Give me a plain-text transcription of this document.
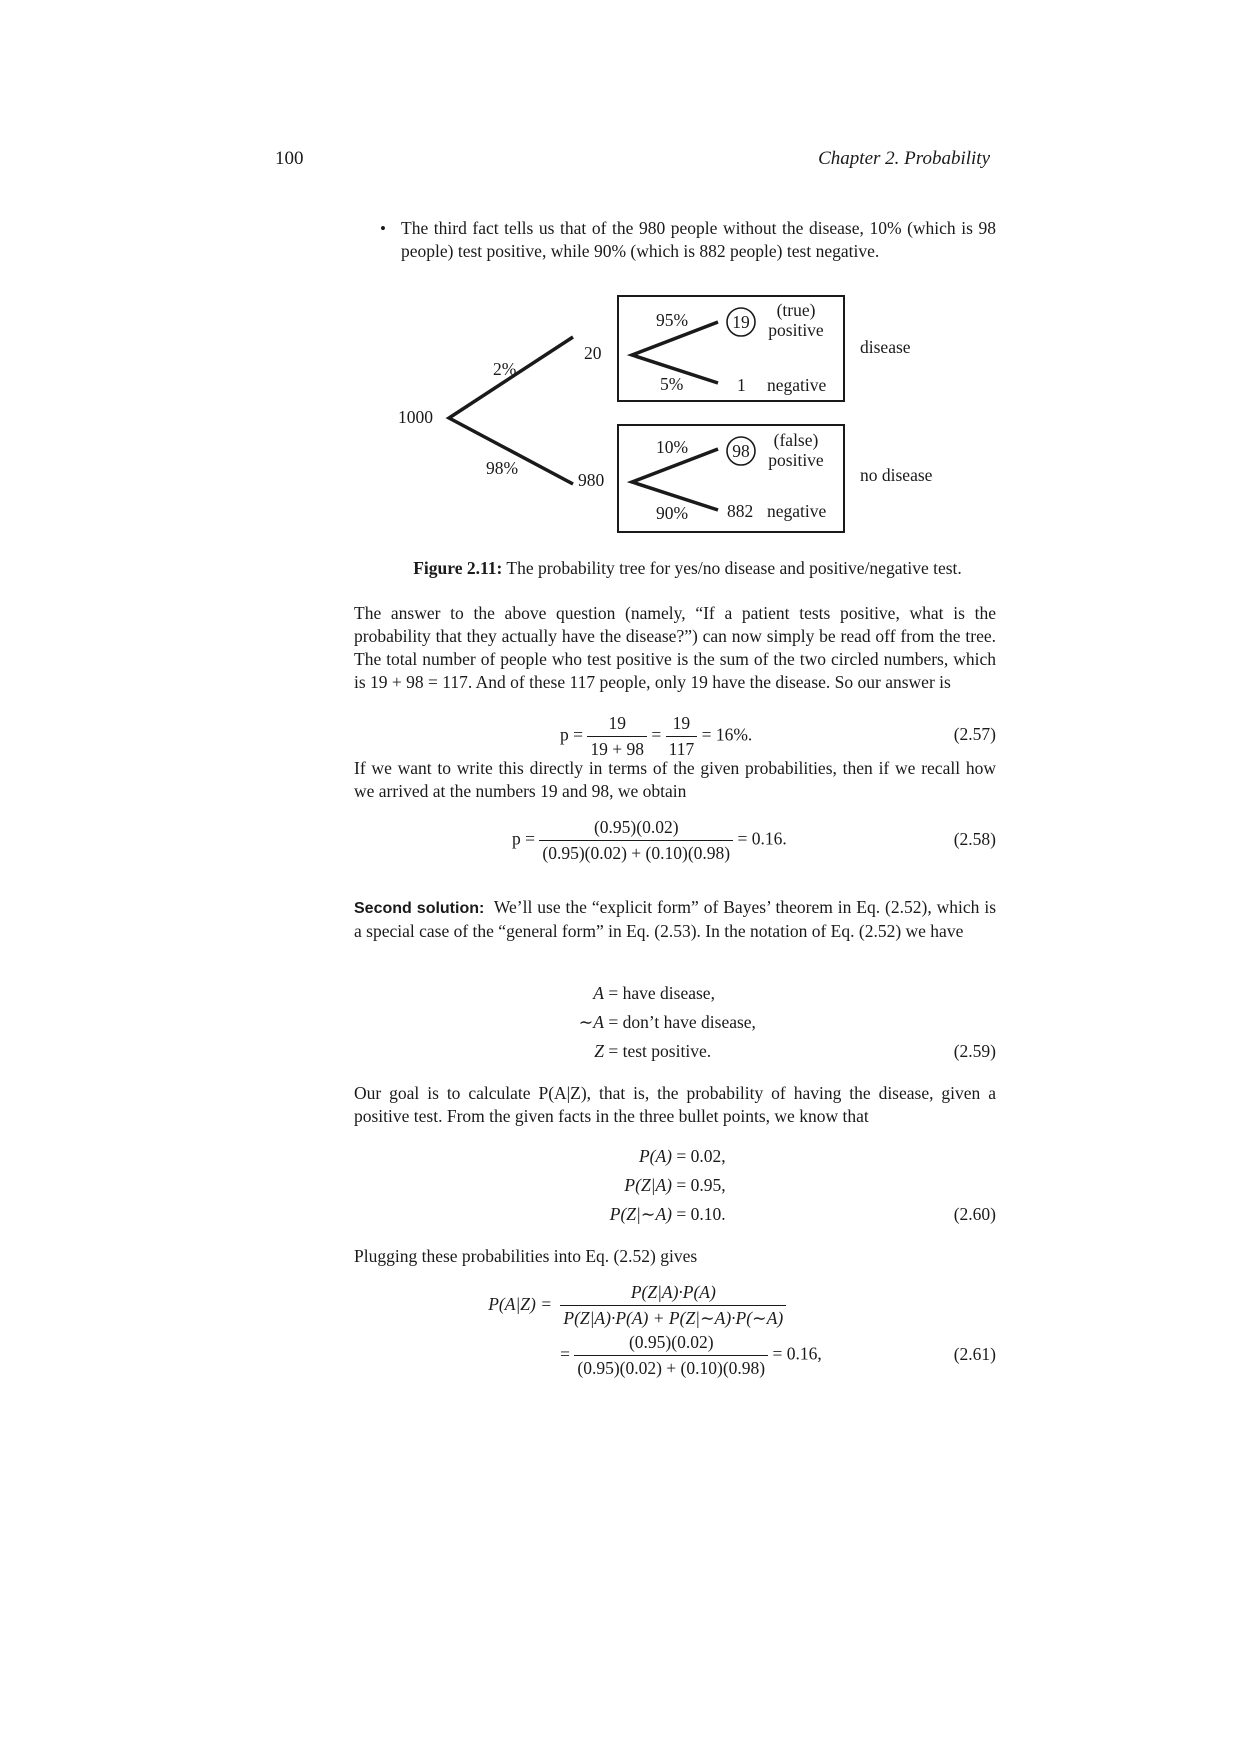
100	Chapter 2. Probability
• The third fact tells us that of the 980 people without the disease, 10% (which is 98 people) test positive, while 90% (which is 882 people) test negative.
1000
2%
98%
20
980
95%
5%
19
1
(true)
positive
negative
disease
10%
90%
98
882
(false)
positive
negative
no disease
Figure 2.11: The probability tree for yes/no disease and positive/negative test.
The answer to the above question (namely, “If a patient tests positive, what is the probability that they actually have the disease?”) can now simply be read off from the tree. The total number of people who test positive is the sum of the two circled numbers, which is 19 + 98 = 117. And of these 117 people, only 19 have the disease. So our answer is
$p = \frac{19}{19 + 98} = \frac{19}{117} = 16\%$.	(2.57)
If we want to write this directly in terms of the given probabilities, then if we recall how we arrived at the numbers 19 and 98, we obtain
$p = \frac{(0.95)(0.02)}{(0.95)(0.02) + (0.10)(0.98)} = 0.16$.	(2.58)
Second solution: We’ll use the “explicit form” of Bayes’ theorem in Eq. (2.52), which is a special case of the “general form” in Eq. (2.53). In the notation of Eq. (2.52) we have
A = have disease,
∼A = don’t have disease,
Z = test positive.	(2.59)
Our goal is to calculate P(A|Z), that is, the probability of having the disease, given a positive test. From the given facts in the three bullet points, we know that
P(A) = 0.02,
P(Z|A) = 0.95,
P(Z|∼A) = 0.10.	(2.60)
Plugging these probabilities into Eq. (2.52) gives
$P(A|Z) = \frac{P(Z|A)\cdot P(A)}{P(Z|A)\cdot P(A) + P(Z|\sim A)\cdot P(\sim A)}$
= $\frac{(0.95)(0.02)}{(0.95)(0.02) + (0.10)(0.98)} = 0.16$,	(2.61)
